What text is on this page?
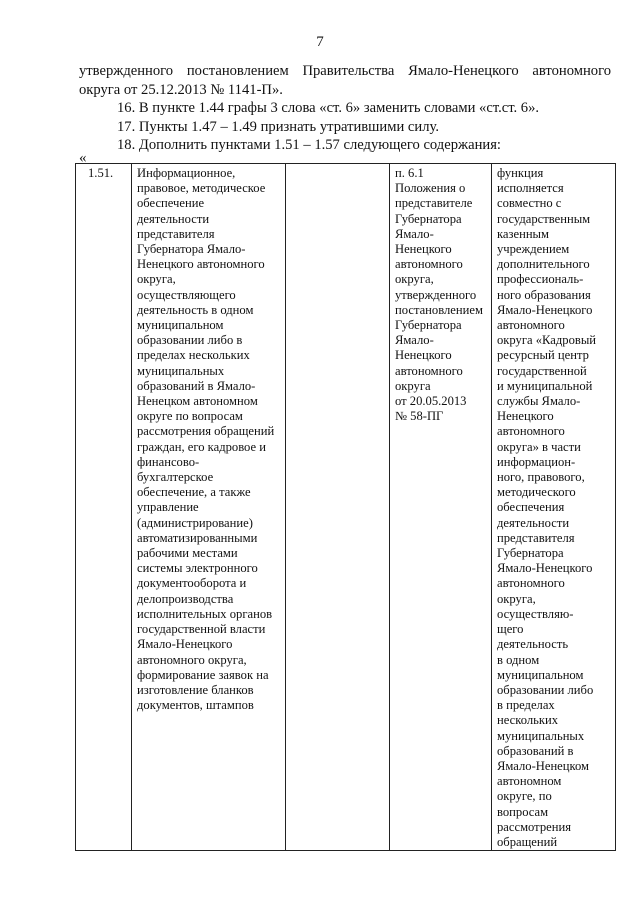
7

утвержденного постановлением Правительства Ямало-Ненецкого автономного

округа от 25.12.2013 № 1141-П».

16. В пункте 1.44 графы 3 слова «ст. 6» заменить словами «ст.ст. 6».

17. Пункты 1.47 – 1.49 признать утратившими силу.

18. Дополнить пунктами 1.51 – 1.57 следующего содержания:

«
1.51.	Информационное,
правовое, методическое
обеспечение
деятельности
представителя
Губернатора Ямало-
Ненецкого автономного
округа,
осуществляющего
деятельность в одном
муниципальном
образовании либо в
пределах нескольких
муниципальных
образований в Ямало-
Ненецком автономном
округе по вопросам
рассмотрения обращений
граждан, его кадровое и
финансово-
бухгалтерское
обеспечение, а также
управление
(администрирование)
автоматизированными
рабочими местами
системы электронного
документооборота и
делопроизводства
исполнительных органов
государственной власти
Ямало-Ненецкого
автономного округа,
формирование заявок на
изготовление бланков
документов, штампов		п. 6.1
Положения о
представителе
Губернатора
Ямало-
Ненецкого
автономного
округа,
утвержденного
постановлением
Губернатора
Ямало-
Ненецкого
автономного
округа
от 20.05.2013
№ 58-ПГ	функция
исполняется
совместно с
государственным
казенным
учреждением
дополнительного
профессиональ-
ного образования
Ямало-Ненецкого
автономного
округа «Кадровый
ресурсный центр
государственной
и муниципальной
службы Ямало-
Ненецкого
автономного
округа» в части
информацион-
ного, правового,
методического
обеспечения
деятельности
представителя
Губернатора
Ямало-Ненецкого
автономного
округа,
осуществляю-
щего
деятельность
в одном
муниципальном
образовании либо
в пределах
нескольких
муниципальных
образований в
Ямало-Ненецком
автономном
округе, по
вопросам
рассмотрения
обращений
